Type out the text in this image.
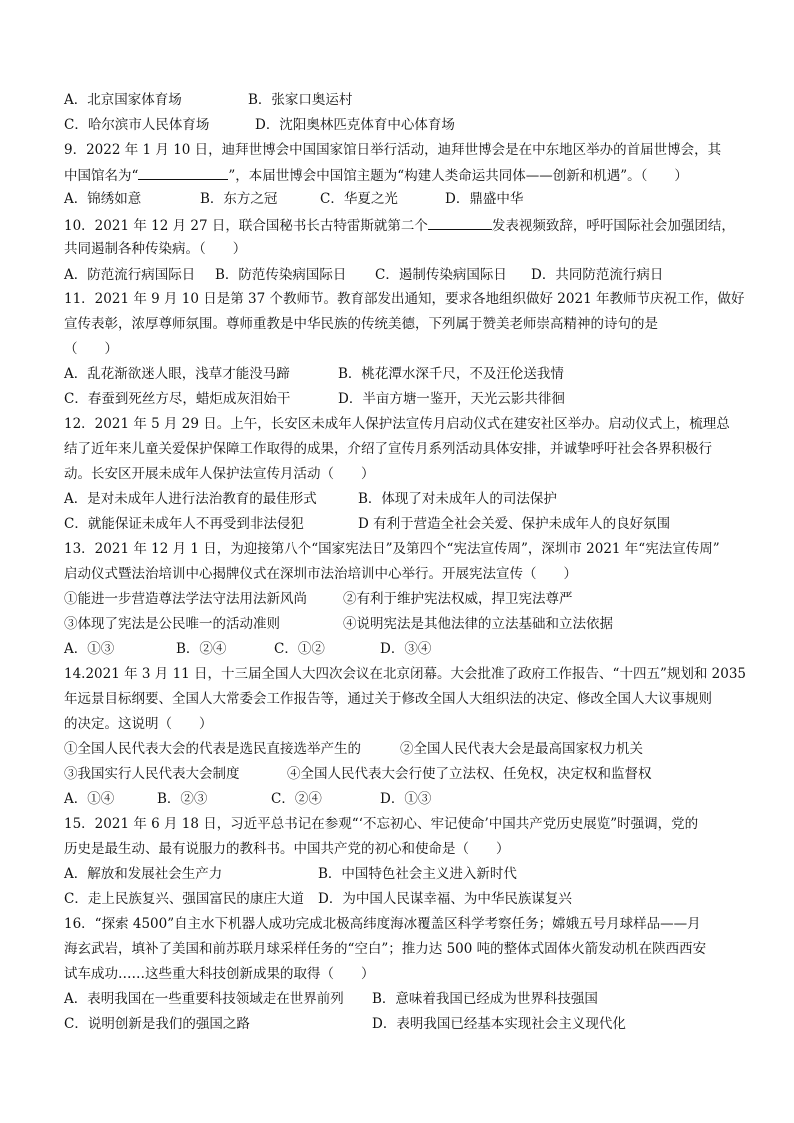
A．北京国家体育场	B．张家口奥运村
C．哈尔滨市人民体育场	D．沈阳奥林匹克体育中心体育场
9．2022 年 1 月 10 日，迪拜世博会中国国家馆日举行活动，迪拜世博会是在中东地区举办的首届世博会，其
中国馆名为“	”，本届世博会中国馆主题为“构建人类命运共同体——创新和机遇”。（　　）
A．锦绣如意	B．东方之冠	C．华夏之光	D．鼎盛中华
10．2021 年 12 月 27 日，联合国秘书长古特雷斯就第二个	发表视频致辞，呼吁国际社会加强团结，
共同遏制各种传染病。（　　）
A．防范流行病国际日 B．防范传染病国际日 C．遏制传染病国际日 D．共同防范流行病日
11．2021 年 9 月 10 日是第 37 个教师节。教育部发出通知，要求各地组织做好 2021 年教师节庆祝工作，做好
宣传表彰，浓厚尊师氛围。尊师重教是中华民族的传统美德，下列属于赞美老师崇高精神的诗句的是
（　　）
A．乱花渐欲迷人眼，浅草才能没马蹄	B．桃花潭水深千尺，不及汪伦送我情
C．春蚕到死丝方尽，蜡炬成灰泪始干	D．半亩方塘一鉴开，天光云影共徘徊
12．2021 年 5 月 29 日。上午，长安区未成年人保护法宣传月启动仪式在建安社区举办。启动仪式上，梳理总
结了近年来儿童关爱保护保障工作取得的成果，介绍了宣传月系列活动具体安排，并诚挚呼吁社会各界积极行
动。长安区开展未成年人保护法宣传月活动（　　）
A．是对未成年人进行法治教育的最佳形式	B．体现了对未成年人的司法保护
C．就能保证未成年人不再受到非法侵犯	D 有利于营造全社会关爱、保护未成年人的良好氛围
13．2021 年 12 月 1 日，为迎接第八个“国家宪法日”及第四个“宪法宣传周”，深圳市 2021 年“宪法宣传周”
启动仪式暨法治培训中心揭牌仪式在深圳市法治培训中心举行。开展宪法宣传（　　）
①能进一步营造尊法学法守法用法新风尚	②有利于维护宪法权威，捍卫宪法尊严
③体现了宪法是公民唯一的活动准则	④说明宪法是其他法律的立法基础和立法依据
A．①③	B．②④	C．①②	D．③④
14.2021 年 3 月 11 日，十三届全国人大四次会议在北京闭幕。大会批准了政府工作报告、“十四五”规划和 2035
年远景目标纲要、全国人大常委会工作报告等，通过关于修改全国人大组织法的决定、修改全国人大议事规则
的决定。这说明（　　）
①全国人民代表大会的代表是选民直接选举产生的	②全国人民代表大会是最高国家权力机关
③我国实行人民代表大会制度	④全国人民代表大会行使了立法权、任免权，决定权和监督权
A．①④	B．②③	C．②④	D．①③
15．2021 年 6 月 18 日，习近平总书记在参观“‘不忘初心、牢记使命’中国共产党历史展览”时强调，党的
历史是最生动、最有说服力的教科书。中国共产党的初心和使命是（　　）
A．解放和发展社会生产力	B．中国特色社会主义进入新时代
C．走上民族复兴、强国富民的康庄大道 D．为中国人民谋幸福、为中华民族谋复兴
16．“探索 4500”自主水下机器人成功完成北极高纬度海冰覆盖区科学考察任务；嫦娥五号月球样品——月
海玄武岩，填补了美国和前苏联月球采样任务的“空白”；推力达 500 吨的整体式固体火箭发动机在陕西西安
试车成功……这些重大科技创新成果的取得（　　）
A．表明我国在一些重要科技领域走在世界前列 B．意味着我国已经成为世界科技强国
C．说明创新是我们的强国之路	D．表明我国已经基本实现社会主义现代化
